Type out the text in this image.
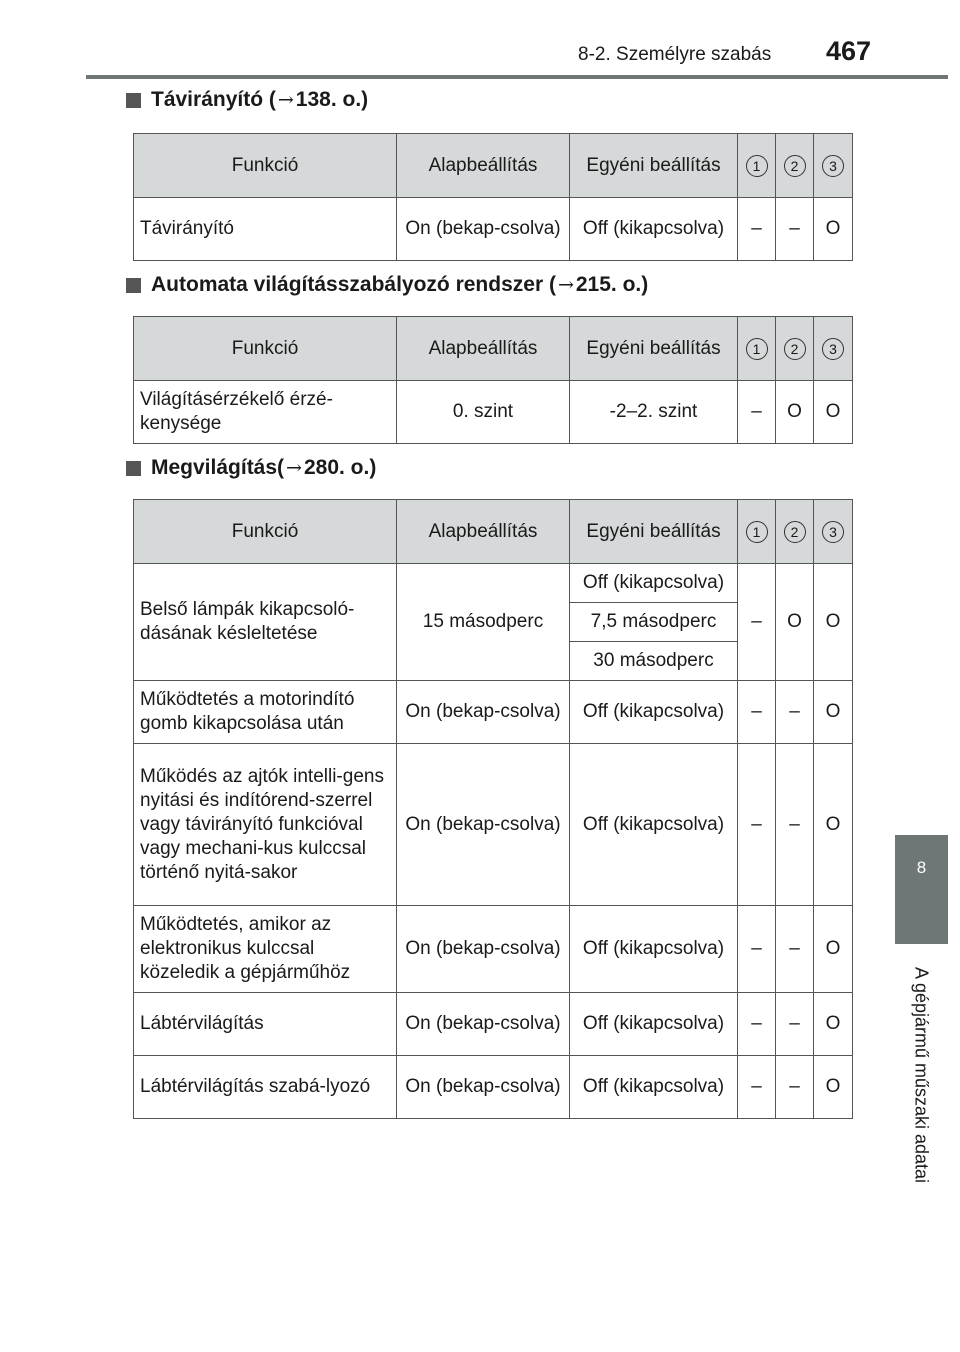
8-2. Személyre szabás 467
8
A gépjármű műszaki adatai
Távirányító ( → 138. o.)
Funkció	Alapbeállítás	Egyéni beállítás	1	2	3
Távirányító	On (bekap-csolva)	Off (kikapcsolva)	–	–	O
Automata világításszabályozó rendszer ( → 215. o.)
Funkció	Alapbeállítás	Egyéni beállítás	1	2	3
Világításérzékelő érzé-kenysége	0. szint	-2–2. szint	–	O	O
Megvilágítás( → 280. o.)
Funkció	Alapbeállítás	Egyéni beállítás	1	2	3
Belső lámpák kikapcsoló-dásának késleltetése	15 másodperc	Off (kikapcsolva)	–	O	O
		7,5 másodperc			
		30 másodperc			
Működtetés a motorindító gomb kikapcsolása után	On (bekap-csolva)	Off (kikapcsolva)	–	–	O
Működés az ajtók intelli-gens nyitási és indítórend-szerrel vagy távirányító funkcióval vagy mechani-kus kulccsal történő nyitá-sakor	On (bekap-csolva)	Off (kikapcsolva)	–	–	O
Működtetés, amikor az elektronikus kulccsal közeledik a gépjárműhöz	On (bekap-csolva)	Off (kikapcsolva)	–	–	O
Lábtérvilágítás	On (bekap-csolva)	Off (kikapcsolva)	–	–	O
Lábtérvilágítás szabá-lyozó	On (bekap-csolva)	Off (kikapcsolva)	–	–	O
